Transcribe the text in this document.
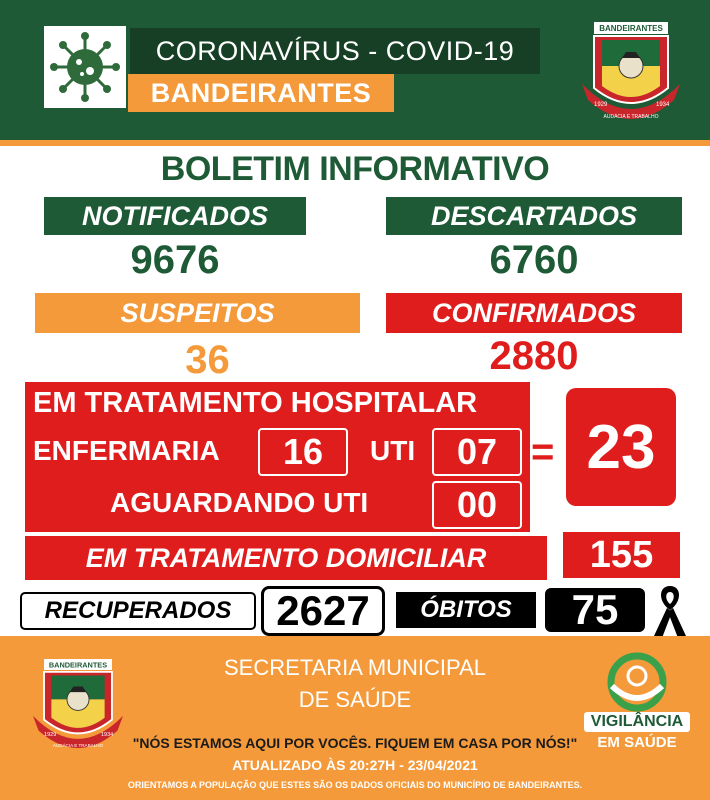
CORONAVÍRUS - COVID-19
BANDEIRANTES
BANDEIRANTES
1929	1934
AUDÁCIA E TRABALHO
BOLETIM INFORMATIVO
NOTIFICADOS
9676
DESCARTADOS
6760
SUSPEITOS
36
CONFIRMADOS
2880
EM TRATAMENTO HOSPITALAR
ENFERMARIA	16	UTI	07
AGUARDANDO UTI	00
= 23
EM TRATAMENTO DOMICILIAR	155
RECUPERADOS	2627	ÓBITOS	75
BANDEIRANTES
1929	1934
AUDÁCIA E TRABALHO
SECRETARIA MUNICIPAL
DE SAÚDE
VIGILÂNCIA
EM SAÚDE
"NÓS ESTAMOS AQUI POR VOCÊS. FIQUEM EM CASA POR NÓS!"
ATUALIZADO ÀS 20:27H - 23/04/2021
ORIENTAMOS A POPULAÇÃO QUE ESTES SÃO OS DADOS OFICIAIS DO MUNICÍPIO DE BANDEIRANTES.
